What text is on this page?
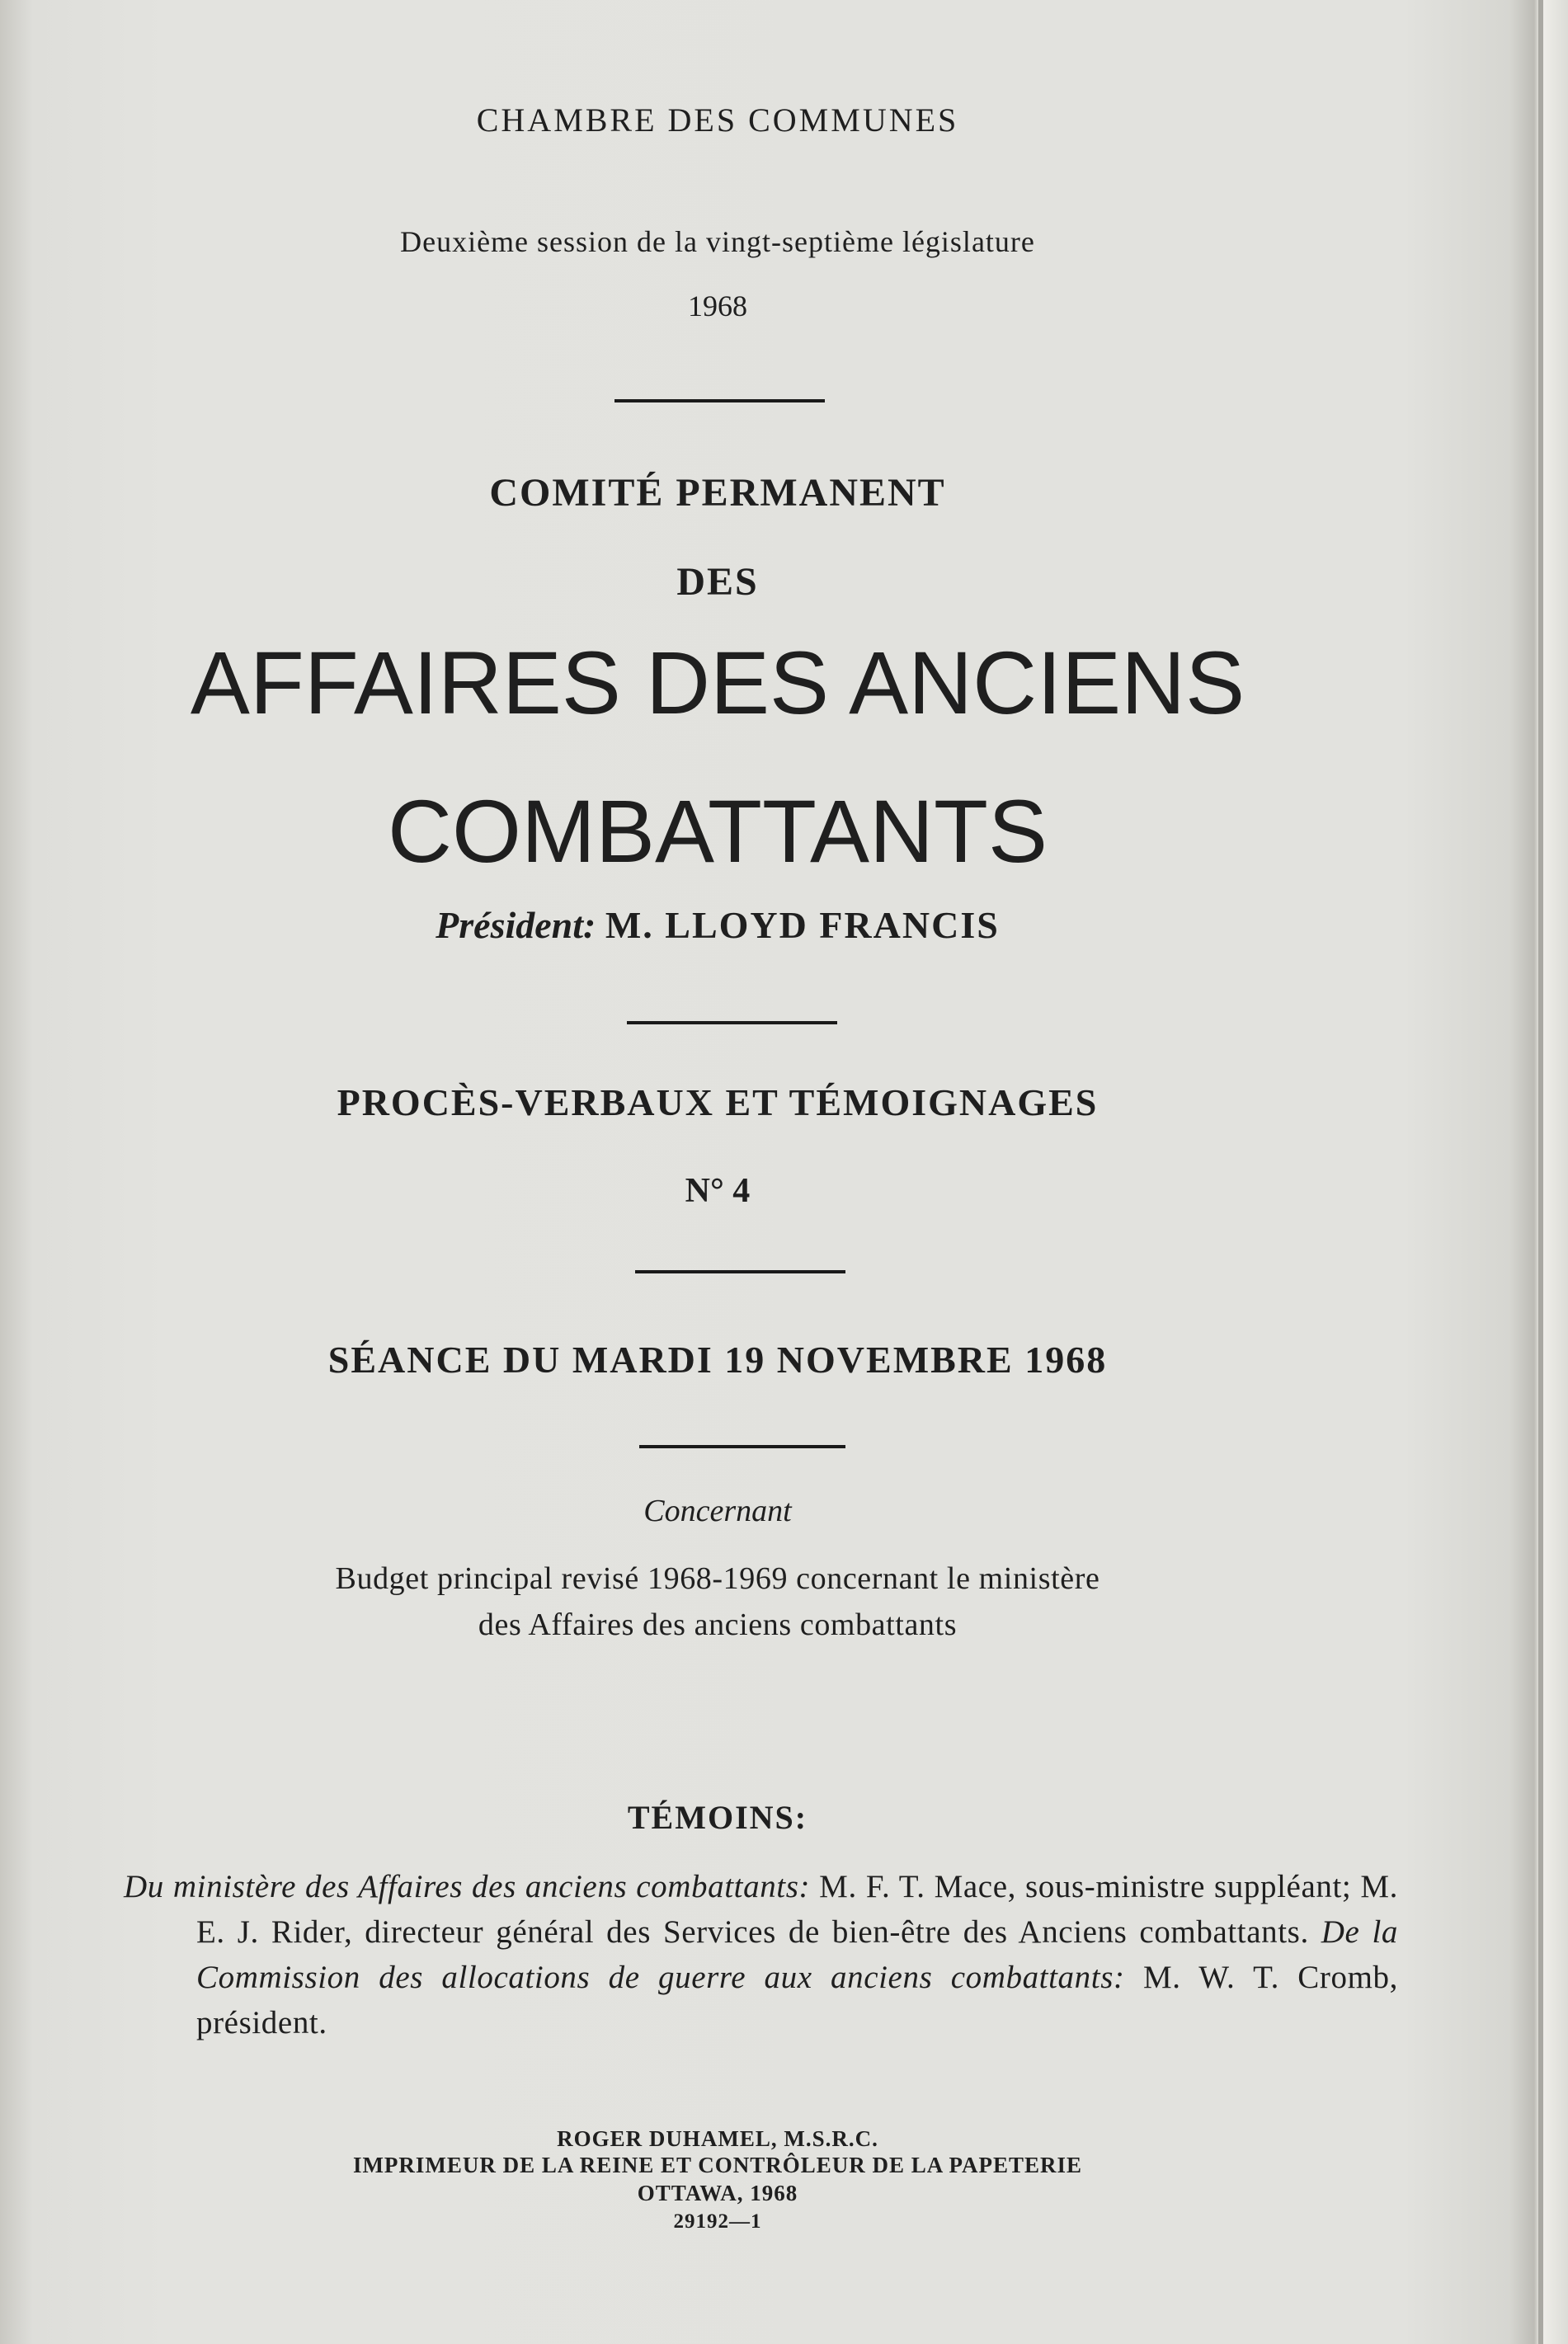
CHAMBRE DES COMMUNES
Deuxième session de la vingt-septième législature
1968
COMITÉ PERMANENT
DES
AFFAIRES DES ANCIENS
COMBATTANTS
Président: M. LLOYD FRANCIS
PROCÈS-VERBAUX ET TÉMOIGNAGES
N° 4
SÉANCE DU MARDI 19 NOVEMBRE 1968
Concernant
Budget principal revisé 1968-1969 concernant le ministère
des Affaires des anciens combattants
TÉMOINS:
Du ministère des Affaires des anciens combattants: M. F. T. Mace, sous-ministre suppléant; M. E. J. Rider, directeur général des Services de bien-être des Anciens combattants. De la Commission des allocations de guerre aux anciens combattants: M. W. T. Cromb, président.
ROGER DUHAMEL, M.S.R.C.
IMPRIMEUR DE LA REINE ET CONTRÔLEUR DE LA PAPETERIE
OTTAWA, 1968
29192—1
